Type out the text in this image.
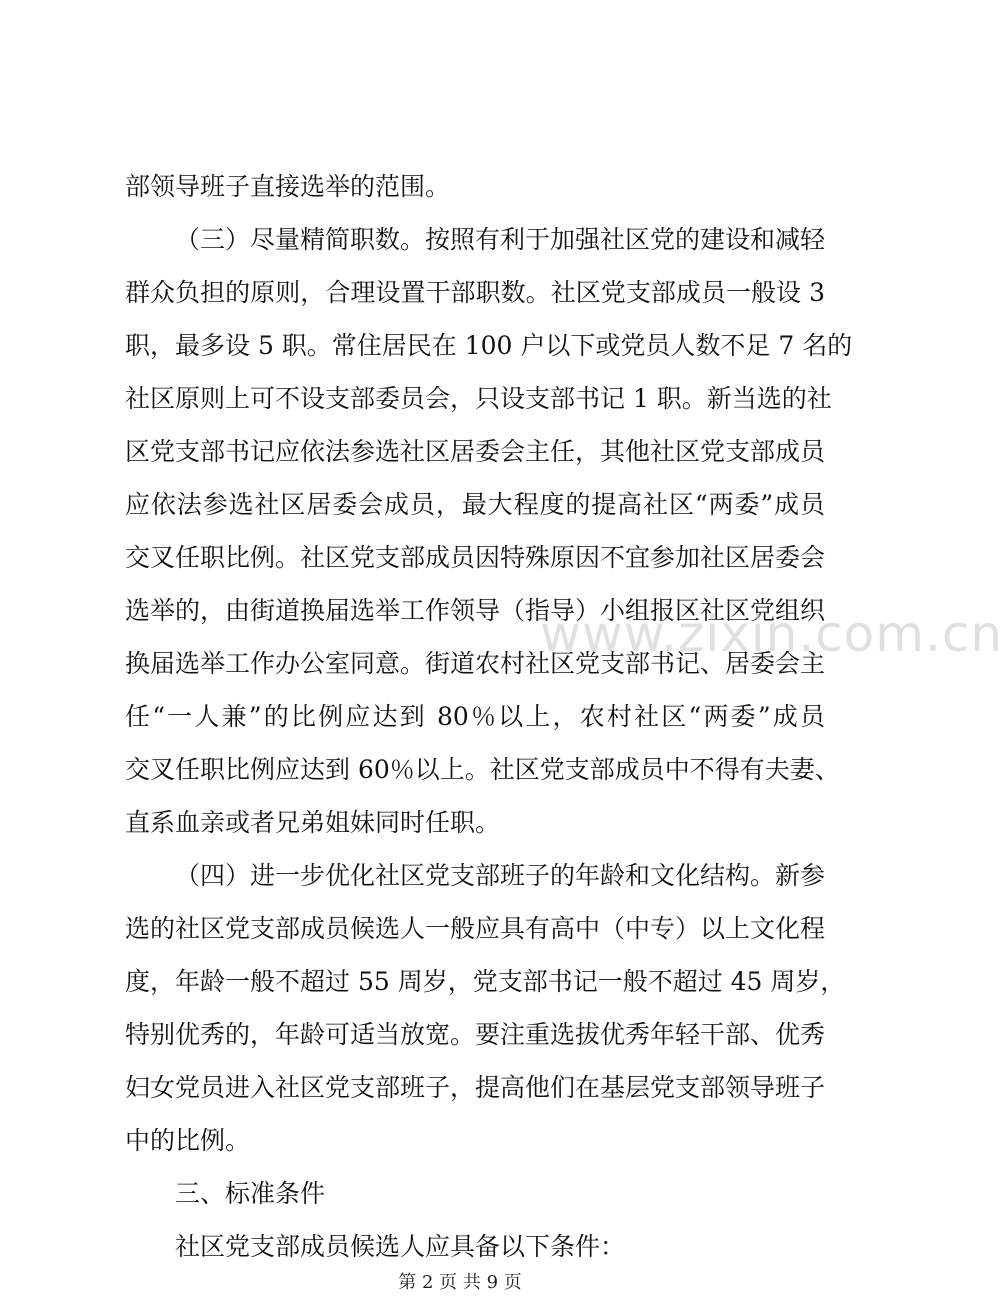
部领导班子直接选举的范围。
（三）尽量精简职数。按照有利于加强社区党的建设和减轻
群众负担的原则，合理设置干部职数。社区党支部成员一般设 3
职，最多设 5 职。常住居民在 100 户以下或党员人数不足 7 名的
社区原则上可不设支部委员会，只设支部书记 1 职。新当选的社
区党支部书记应依法参选社区居委会主任，其他社区党支部成员
应依法参选社区居委会成员，最大程度的提高社区“两委”成员
交叉任职比例。社区党支部成员因特殊原因不宜参加社区居委会
选举的，由街道换届选举工作领导（指导）小组报区社区党组织
换届选举工作办公室同意。街道农村社区党支部书记、居委会主
任“一人兼”的比例应达到 80％以上，农村社区“两委”成员
交叉任职比例应达到 60％以上。社区党支部成员中不得有夫妻、
直系血亲或者兄弟姐妹同时任职。
（四）进一步优化社区党支部班子的年龄和文化结构。新参
选的社区党支部成员候选人一般应具有高中（中专）以上文化程
度，年龄一般不超过 55 周岁，党支部书记一般不超过 45 周岁，
特别优秀的，年龄可适当放宽。要注重选拔优秀年轻干部、优秀
妇女党员进入社区党支部班子，提高他们在基层党支部领导班子
中的比例。
三、标准条件
社区党支部成员候选人应具备以下条件：
www.zixin.com.cn
第 2 页 共 9 页
